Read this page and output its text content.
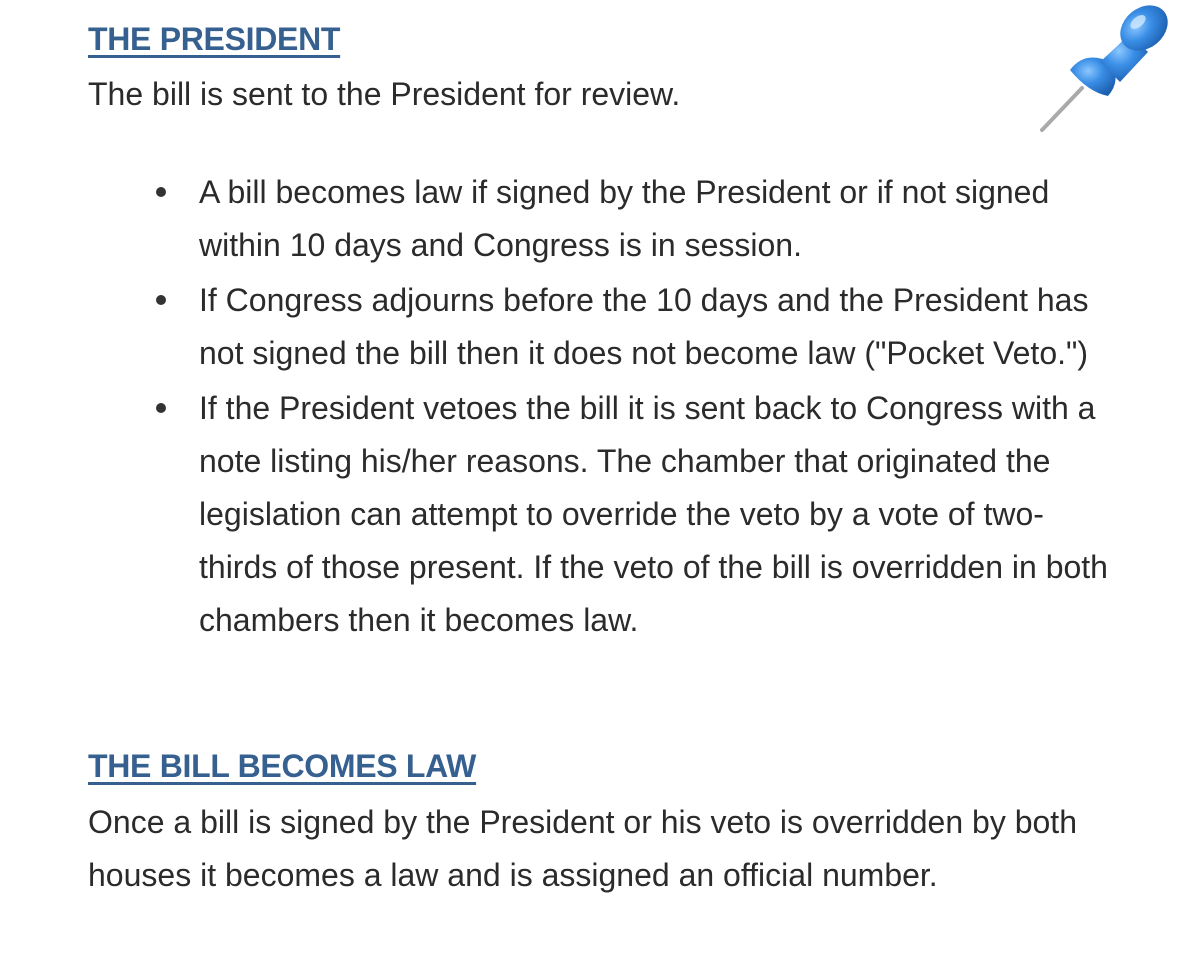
THE PRESIDENT

The bill is sent to the President for review.

A bill becomes law if signed by the President or if not signed within 10 days and Congress is in session.
If Congress adjourns before the 10 days and the President has not signed the bill then it does not become law ("Pocket Veto.")
If the President vetoes the bill it is sent back to Congress with a note listing his/her reasons. The chamber that originated the legislation can attempt to override the veto by a vote of two-thirds of those present. If the veto of the bill is overridden in both chambers then it becomes law.
THE BILL BECOMES LAW

Once a bill is signed by the President or his veto is overridden by both houses it becomes a law and is assigned an official number.
